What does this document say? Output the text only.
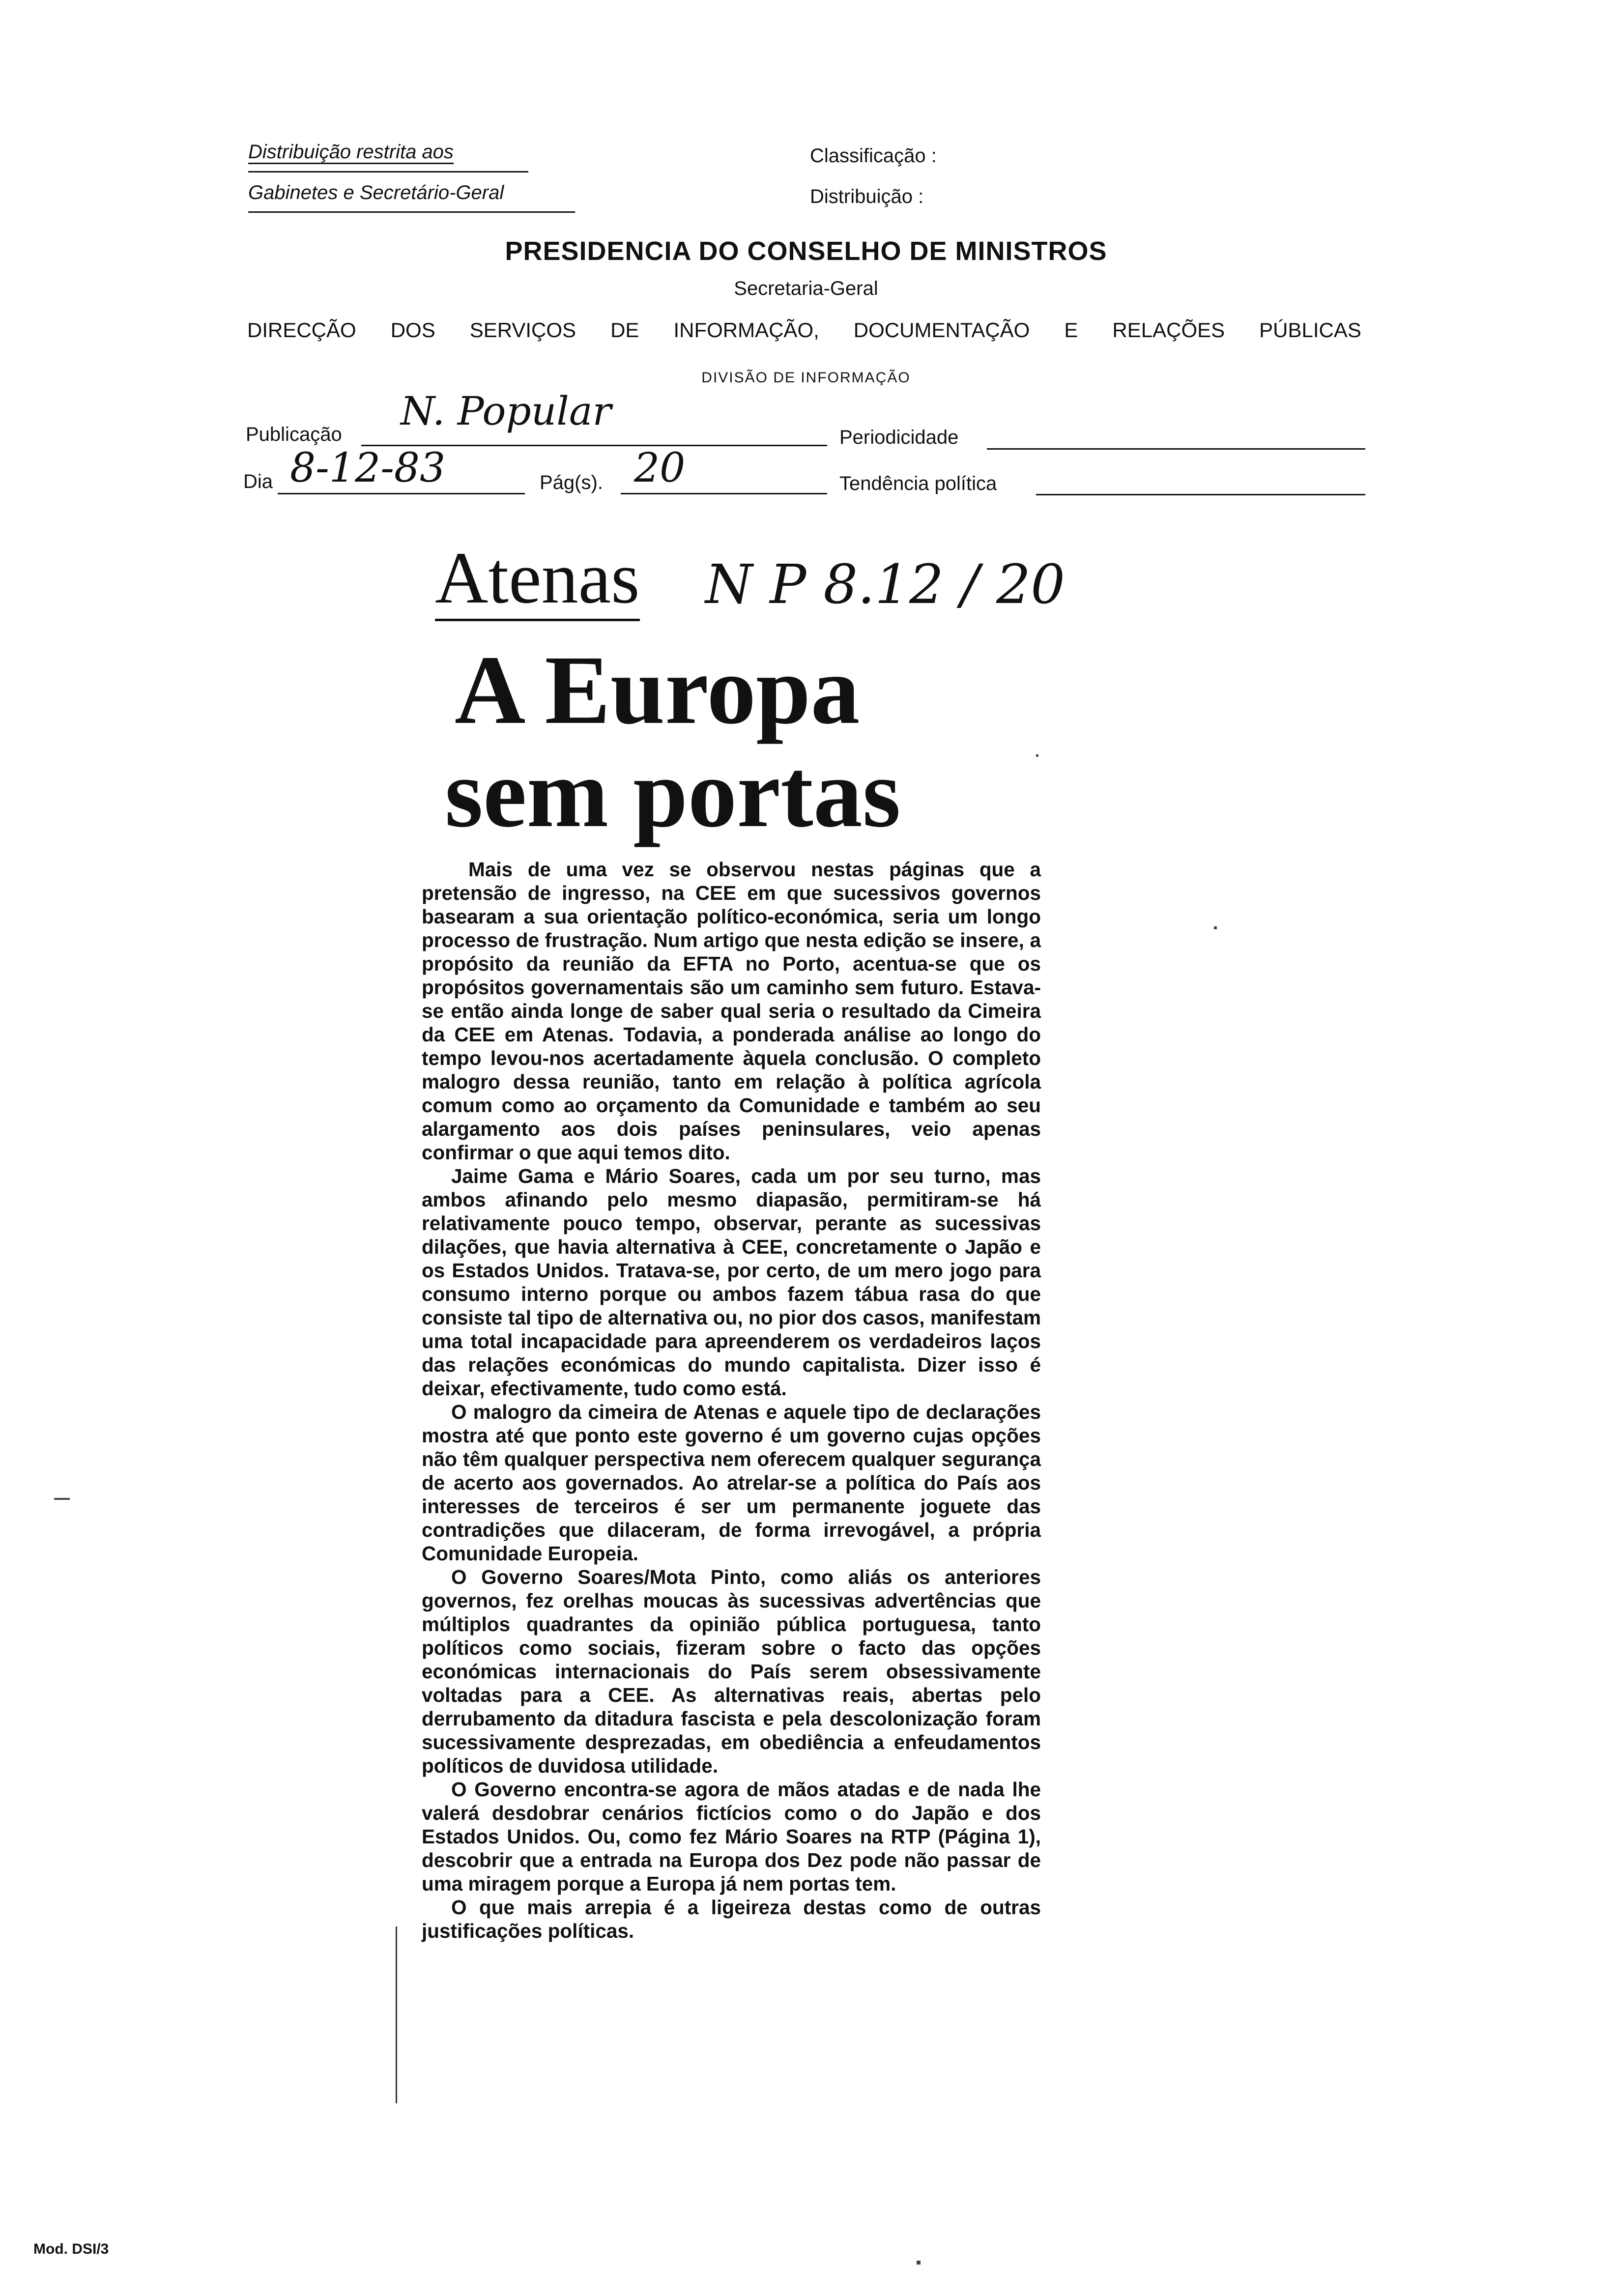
Distribuição restrita aos
Gabinetes e Secretário-Geral
Classificação :
Distribuição :
PRESIDENCIA DO CONSELHO DE MINISTROS
Secretaria-Geral
DIRECÇÃO DOS SERVIÇOS DE INFORMAÇÃO, DOCUMENTAÇÃO E RELAÇÕES PÚBLICAS
DIVISÃO DE INFORMAÇÃO
Publicação
N. Popular
Periodicidade
Dia 8-12-83	Pág(s). 20	Tendência política
Atenas N P 8.12 / 20
A Europa
sem portas

Mais de uma vez se observou nestas páginas que a pretensão de ingresso, na CEE em que sucessivos governos basearam a sua orientação político-económica, seria um longo processo de frustração. Num artigo que nesta edição se insere, a propósito da reunião da EFTA no Porto, acentua-se que os propósitos governamentais são um caminho sem futuro. Estava-se então ainda longe de saber qual seria o resultado da Cimeira da CEE em Atenas. Todavia, a ponderada análise ao longo do tempo levou-nos acertadamente àquela conclusão. O completo malogro dessa reunião, tanto em relação à política agrícola comum como ao orçamento da Comunidade e também ao seu alargamento aos dois países peninsulares, veio apenas confirmar o que aqui temos dito.

Jaime Gama e Mário Soares, cada um por seu turno, mas ambos afinando pelo mesmo diapasão, permitiram-se há relativamente pouco tempo, observar, perante as sucessivas dilações, que havia alternativa à CEE, concretamente o Japão e os Estados Unidos. Tratava-se, por certo, de um mero jogo para consumo interno porque ou ambos fazem tábua rasa do que consiste tal tipo de alternativa ou, no pior dos casos, manifestam uma total incapacidade para apreenderem os verdadeiros laços das relações económicas do mundo capitalista. Dizer isso é deixar, efectivamente, tudo como está.

O malogro da cimeira de Atenas e aquele tipo de declarações mostra até que ponto este governo é um governo cujas opções não têm qualquer perspectiva nem oferecem qualquer segurança de acerto aos governados. Ao atrelar-se a política do País aos interesses de terceiros é ser um permanente joguete das contradições que dilaceram, de forma irrevogável, a própria Comunidade Europeia.

O Governo Soares/Mota Pinto, como aliás os anteriores governos, fez orelhas moucas às sucessivas advertências que múltiplos quadrantes da opinião pública portuguesa, tanto políticos como sociais, fizeram sobre o facto das opções económicas internacionais do País serem obsessivamente voltadas para a CEE. As alternativas reais, abertas pelo derrubamento da ditadura fascista e pela descolonização foram sucessivamente desprezadas, em obediência a enfeudamentos políticos de duvidosa utilidade.

O Governo encontra-se agora de mãos atadas e de nada lhe valerá desdobrar cenários fictícios como o do Japão e dos Estados Unidos. Ou, como fez Mário Soares na RTP (Página 1), descobrir que a entrada na Europa dos Dez pode não passar de uma miragem porque a Europa já nem portas tem.

O que mais arrepia é a ligeireza destas como de outras justificações políticas.

Mod. DSI/3
